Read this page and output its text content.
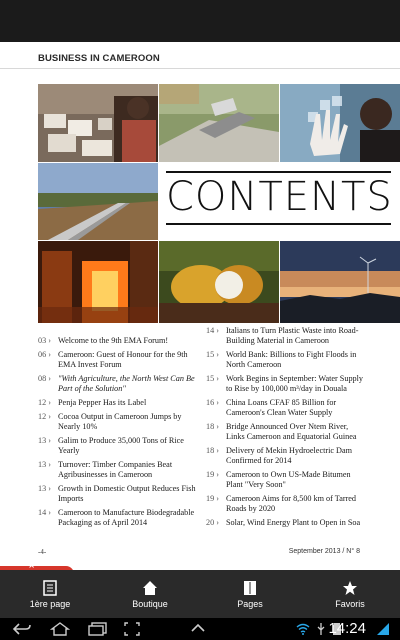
BUSINESS IN CAMEROON
CONTENTS
03 › Welcome to the 9th EMA Forum!
06 › Cameroon: Guest of Honour for the 9th EMA Invest Forum
08 › "With Agriculture, the North West Can Be Part of the Solution"
12 › Penja Pepper Has its Label
12 › Cocoa Output in Cameroon Jumps by Nearly 10%
13 › Galim to Produce 35,000 Tons of Rice Yearly
13 › Turnover: Timber Companies Beat Agribusinesses in Cameroon
13 › Growth in Domestic Output Reduces Fish Imports
14 › Cameroon to Manufacture Biodegradable Packaging as of April 2014
14 › Italians to Turn Plastic Waste into Road-Building Material in Cameroon
15 › World Bank: Billions to Fight Floods in North Cameroon
15 › Work Begins in September: Water Supply to Rise by 100,000 m³/day in Douala
16 › China Loans CFAF 85 Billion for Cameroon's Clean Water Supply
18 › Bridge Announced Over Ntem River, Links Cameroon and Equatorial Guinea
18 › Delivery of Mekin Hydroelectric Dam Confirmed for 2014
19 › Cameroon to Own US-Made Bitumen Plant "Very Soon"
19 › Cameroon Aims for 8,500 km of Tarred Roads by 2020
20 › Solar, Wind Energy Plant to Open in Soa
-4-	September 2013 / N° 8
1ère page	Boutique	Pages	Favoris
14:24
